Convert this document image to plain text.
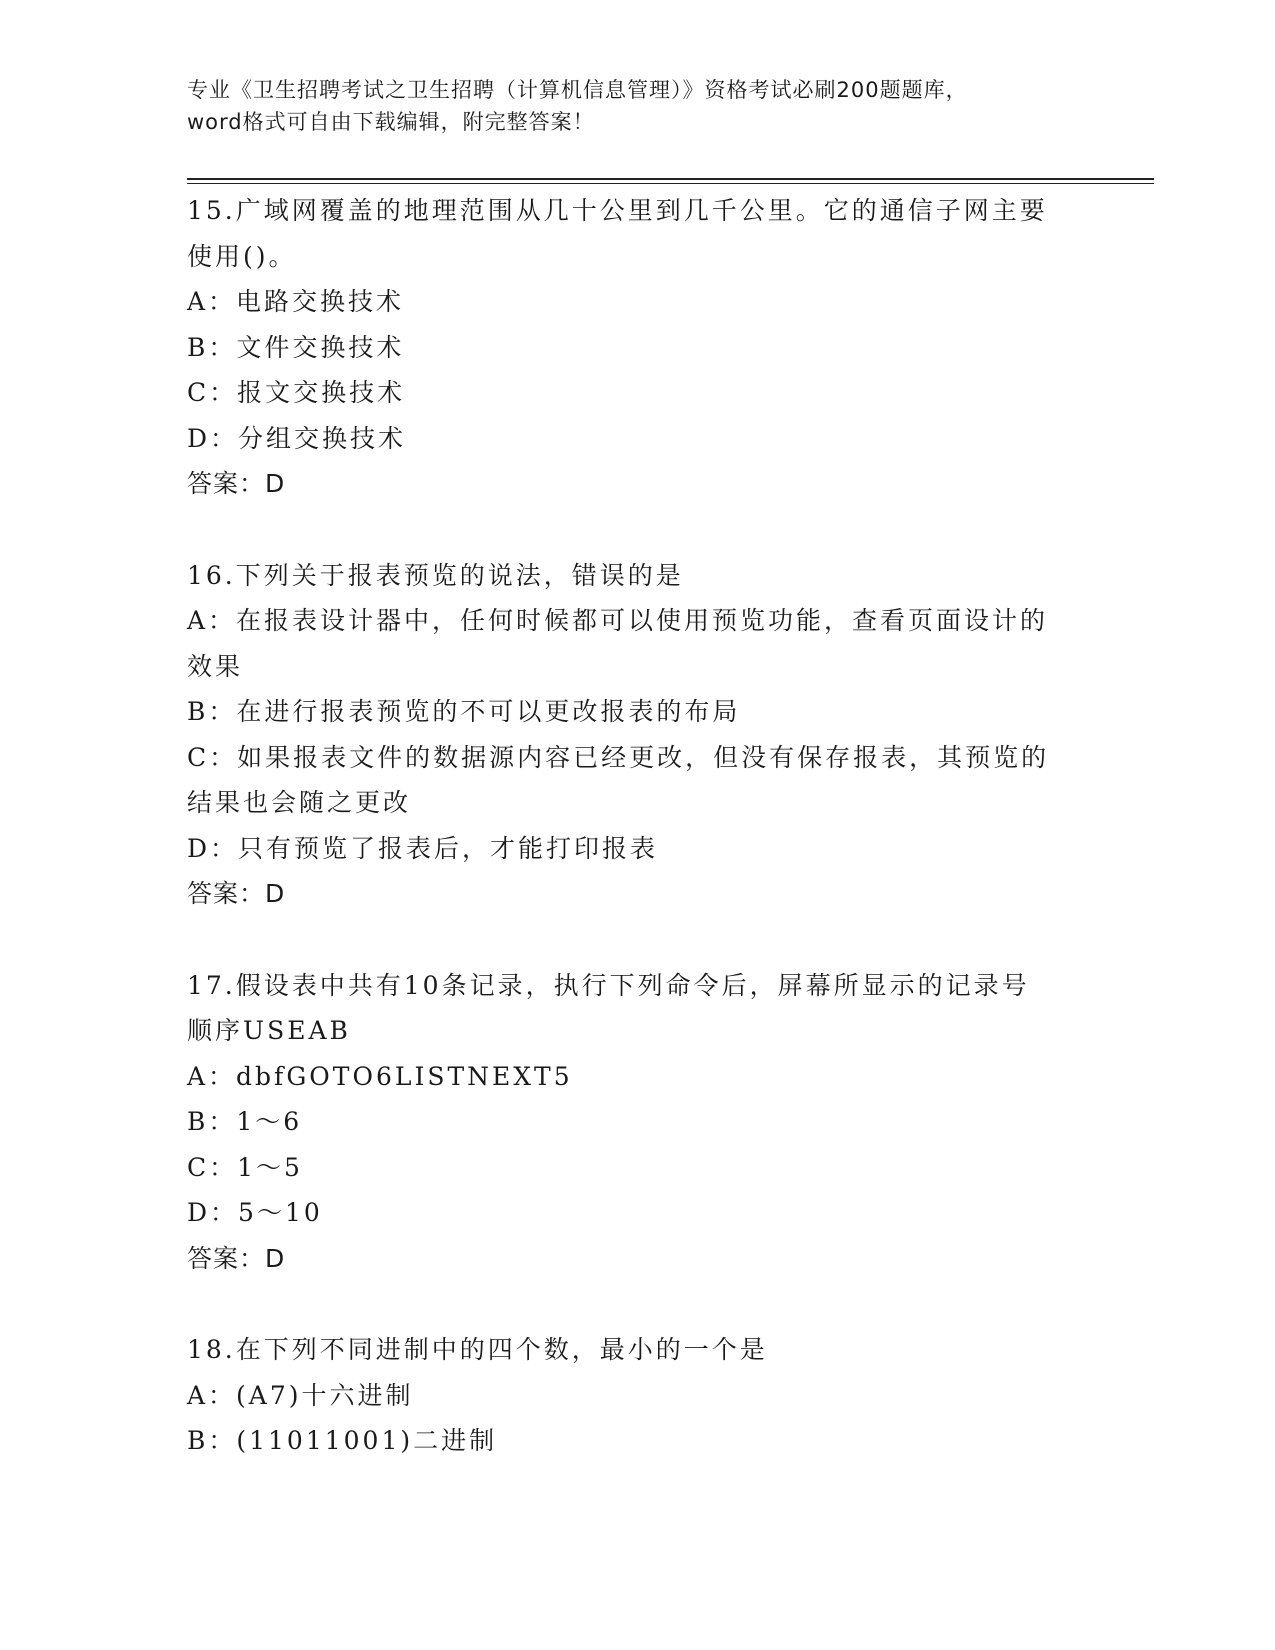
专业《卫生招聘考试之卫生招聘（计算机信息管理）》资格考试必刷200题题库，
word格式可自由下载编辑，附完整答案！
15.广域网覆盖的地理范围从几十公里到几千公里。它的通信子网主要
使用()。
A：电路交换技术
B：文件交换技术
C：报文交换技术
D：分组交换技术
答案：D
16.下列关于报表预览的说法，错误的是
A：在报表设计器中，任何时候都可以使用预览功能，查看页面设计的
效果
B：在进行报表预览的不可以更改报表的布局
C：如果报表文件的数据源内容已经更改，但没有保存报表，其预览的
结果也会随之更改
D：只有预览了报表后，才能打印报表
答案：D
17.假设表中共有10条记录，执行下列命令后，屏幕所显示的记录号
顺序USEAB
A：dbfGOTO6LISTNEXT5
B：1～6
C：1～5
D：5～10
答案：D
18.在下列不同进制中的四个数，最小的一个是
A：(A7)十六进制
B：(11011001)二进制
